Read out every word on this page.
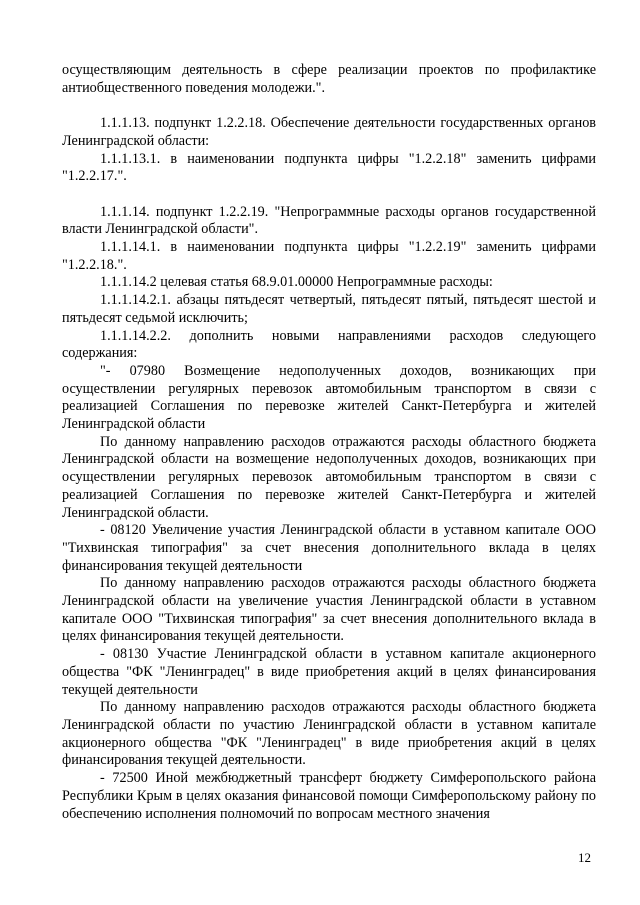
осуществляющим деятельность в сфере реализации проектов по профилактике антиобщественного поведения молодежи.".

1.1.1.13. подпункт 1.2.2.18. Обеспечение деятельности государственных органов Ленинградской области:

1.1.1.13.1. в наименовании подпункта цифры "1.2.2.18" заменить цифрами "1.2.2.17.".

1.1.1.14. подпункт 1.2.2.19. "Непрограммные расходы органов государственной власти Ленинградской области".

1.1.1.14.1. в наименовании подпункта цифры "1.2.2.19" заменить цифрами "1.2.2.18.".

1.1.1.14.2 целевая статья 68.9.01.00000 Непрограммные расходы:

1.1.1.14.2.1. абзацы пятьдесят четвертый, пятьдесят пятый, пятьдесят шестой и пятьдесят седьмой исключить;

1.1.1.14.2.2. дополнить новыми направлениями расходов следующего содержания:

"- 07980 Возмещение недополученных доходов, возникающих при осуществлении регулярных перевозок автомобильным транспортом в связи с реализацией Соглашения по перевозке жителей Санкт-Петербурга и жителей Ленинградской области

По данному направлению расходов отражаются расходы областного бюджета Ленинградской области на возмещение недополученных доходов, возникающих при осуществлении регулярных перевозок автомобильным транспортом в связи с реализацией Соглашения по перевозке жителей Санкт-Петербурга и жителей Ленинградской области.

- 08120 Увеличение участия Ленинградской области в уставном капитале ООО "Тихвинская типография" за счет внесения дополнительного вклада в целях финансирования текущей деятельности

По данному направлению расходов отражаются расходы областного бюджета Ленинградской области на увеличение участия Ленинградской области в уставном капитале ООО "Тихвинская типография" за счет внесения дополнительного вклада в целях финансирования текущей деятельности.

- 08130 Участие Ленинградской области в уставном капитале акционерного общества "ФК "Ленинградец" в виде приобретения акций в целях финансирования текущей деятельности

По данному направлению расходов отражаются расходы областного бюджета Ленинградской области по участию Ленинградской области в уставном капитале акционерного общества "ФК "Ленинградец" в виде приобретения акций в целях финансирования текущей деятельности.

- 72500 Иной межбюджетный трансферт бюджету Симферопольского района Республики Крым в целях оказания финансовой помощи Симферопольскому району по обеспечению исполнения полномочий по вопросам местного значения

12
